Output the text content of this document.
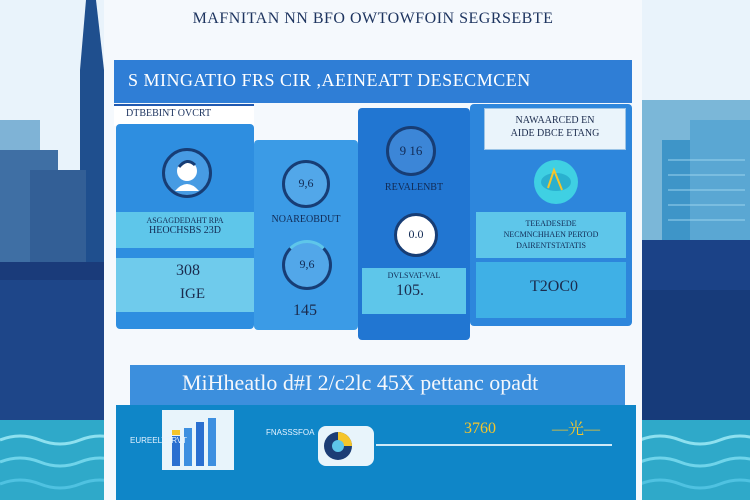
MAFNITAN NN BFO OWTOWFOIN SEGRSEBTE
S MINGATIO FRS CIR ,AEINEATT DESECMCEN
DTBEBINT OVCRT
ASGAGDEDAHT RPA
HEOCHSBS 23D
308
IGE
9,6
NOAREOBDUT
9,6
145
9 16
REVALENBT
0.0
DVLSVAT-VAL
105.
NAWAARCED EN
AIDE DBCE ETANG
TEEADESEDE
NECMNCHHAEN PERTOD
DAIRENTSTATATIS
T2OC0
MiHheatlo d#I 2/c2lc 45X pettanc opadt
EUREELTTRVT
FNASSSFOA	3760	—光—
